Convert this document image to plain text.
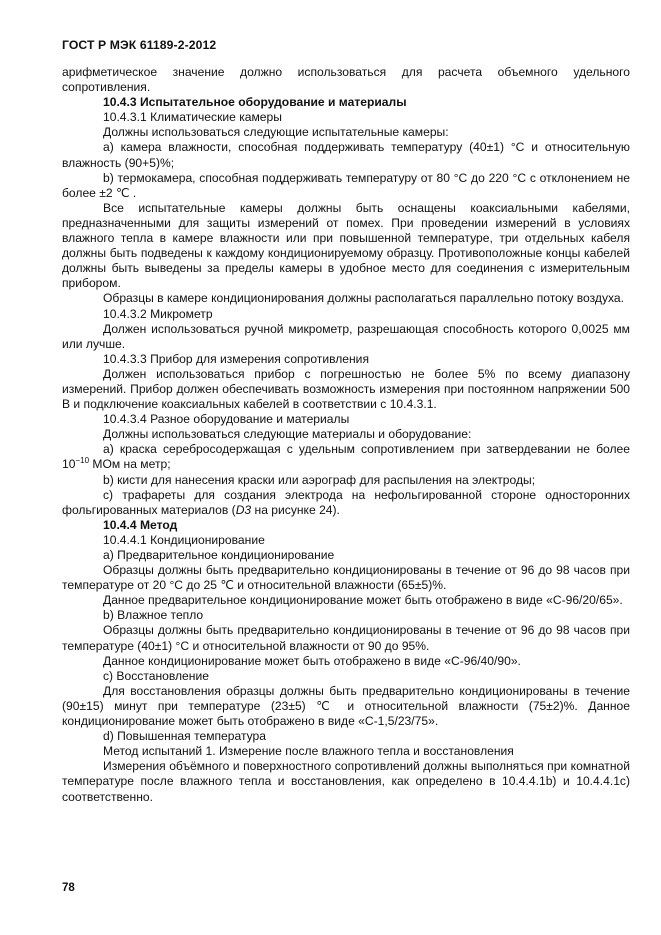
ГОСТ Р МЭК 61189-2-2012

арифметическое значение должно использоваться для расчета объемного удельного сопротивления.

10.4.3 Испытательное оборудование и материалы

10.4.3.1 Климатические камеры

Должны использоваться следующие испытательные камеры:

a) камера влажности, способная поддерживать температуру (40±1) °С и относительную влажность (90+5)%;

b) термокамера, способная поддерживать температуру от 80 °С до 220 °С с отклонением не более ±2 ℃ .

Все испытательные камеры должны быть оснащены коаксиальными кабелями, предназначенными для защиты измерений от помех. При проведении измерений в условиях влажного тепла в камере влажности или при повышенной температуре, три отдельных кабеля должны быть подведены к каждому кондиционируемому образцу. Противоположные концы кабелей должны быть выведены за пределы камеры в удобное место для соединения с измерительным прибором.

Образцы в камере кондиционирования должны располагаться параллельно потоку воздуха.

10.4.3.2 Микрометр

Должен использоваться ручной микрометр, разрешающая способность которого 0,0025 мм или лучше.

10.4.3.3 Прибор для измерения сопротивления

Должен использоваться прибор с погрешностью не более 5% по всему диапазону измерений. Прибор должен обеспечивать возможность измерения при постоянном напряжении 500 В и подключение коаксиальных кабелей в соответствии с 10.4.3.1.

10.4.3.4 Разное оборудование и материалы

Должны использоваться следующие материалы и оборудование:

а) краска серебросодержащая с удельным сопротивлением при затвердевании не более $10^{-10}$ МОм на метр;

b) кисти для нанесения краски или аэрограф для распыления на электроды;

с) трафареты для создания электрода на нефольгированной стороне односторонних фольгированных материалов (D3 на рисунке 24).

10.4.4 Метод

10.4.4.1 Кондиционирование

а) Предварительное кондиционирование

Образцы должны быть предварительно кондиционированы в течение от 96 до 98 часов при температуре от 20 °С до 25 ℃ и относительной влажности (65±5)%.

Данное предварительное кондиционирование может быть отображено в виде «С-96/20/65».

b) Влажное тепло

Образцы должны быть предварительно кондиционированы в течение от 96 до 98 часов при температуре (40±1) °С и относительной влажности от 90 до 95%.

Данное кондиционирование может быть отображено в виде «С-96/40/90».

с) Восстановление

Для восстановления образцы должны быть предварительно кондиционированы в течение (90±15) минут при температуре (23±5) ℃ и относительной влажности (75±2)%. Данное кондиционирование может быть отображено в виде «С-1,5/23/75».

d) Повышенная температура

Метод испытаний 1. Измерение после влажного тепла и восстановления

Измерения объёмного и поверхностного сопротивлений должны выполняться при комнатной температуре после влажного тепла и восстановления, как определено в 10.4.4.1b) и 10.4.4.1с) соответственно.

78
